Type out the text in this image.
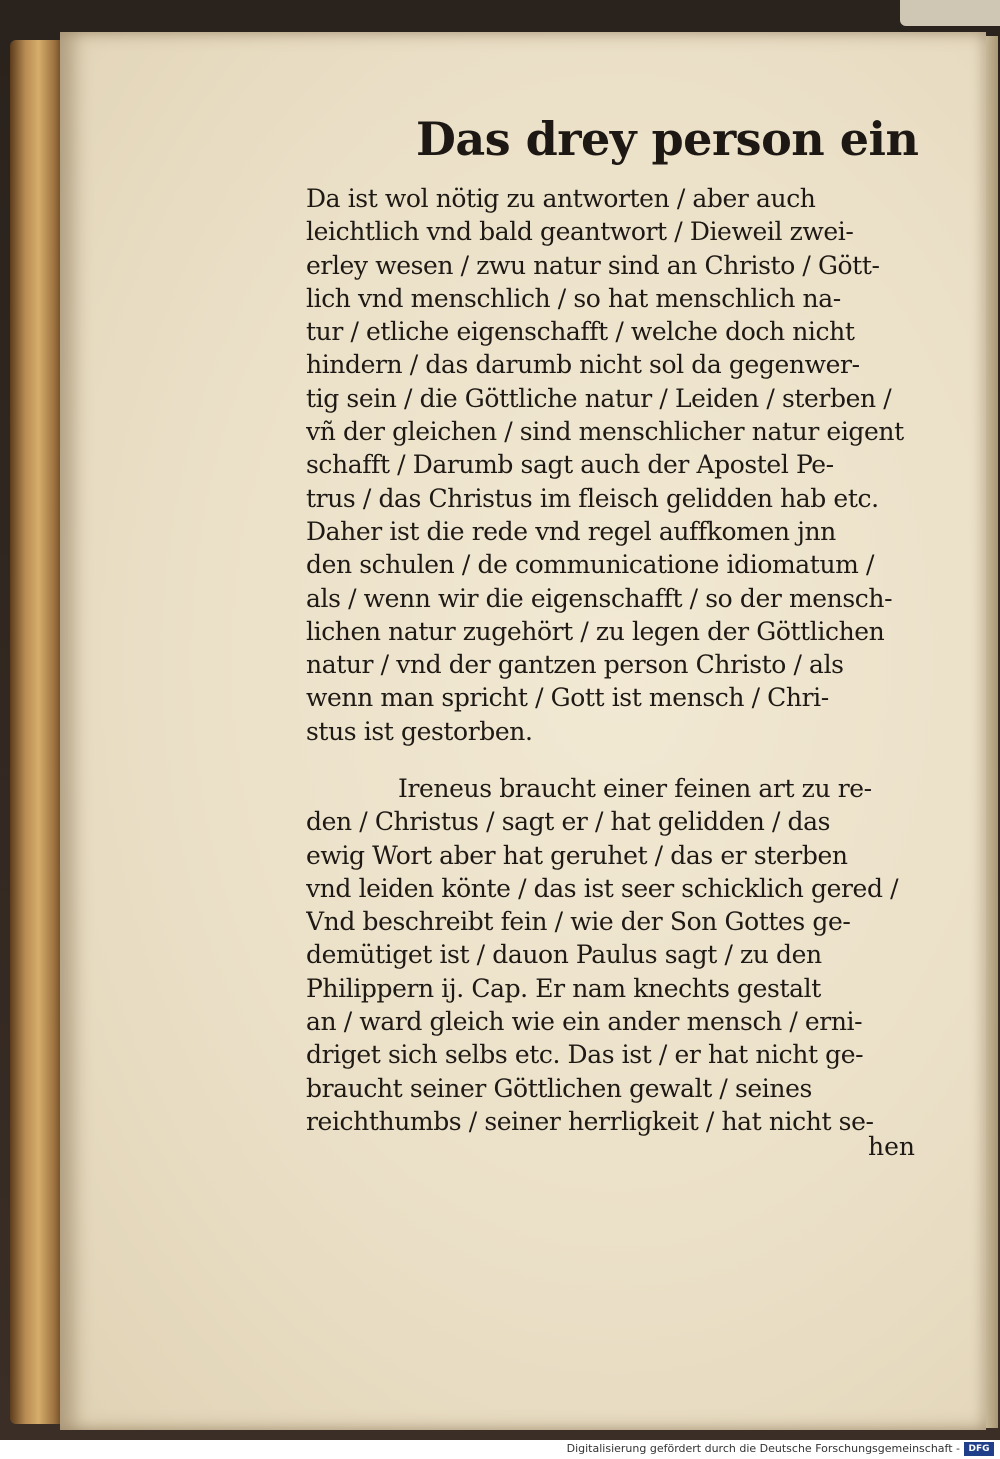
Das drey person ein
Da ist wol nötig zu antworten / aber auch
leichtlich vnd bald geantwort / Dieweil zwei-
erley wesen / zwu natur sind an Christo / Gött-
lich vnd menschlich / so hat menschlich na-
tur / etliche eigenschafft / welche doch nicht
hindern / das darumb nicht sol da gegenwer-
tig sein / die Göttliche natur / Leiden / sterben /
vñ der gleichen / sind menschlicher natur eigent
schafft / Darumb sagt auch der Apostel Pe-
trus / das Christus im fleisch gelidden hab etc.
Daher ist die rede vnd regel auffkomen jnn
den schulen / de communicatione idiomatum /
als / wenn wir die eigenschafft / so der mensch-
lichen natur zugehört / zu legen der Göttlichen
natur / vnd der gantzen person Christo / als
wenn man spricht / Gott ist mensch / Chri-
stus ist gestorben.
Ireneus braucht einer feinen art zu re-
den / Christus / sagt er / hat gelidden / das
ewig Wort aber hat geruhet / das er sterben
vnd leiden könte / das ist seer schicklich gered /
Vnd beschreibt fein / wie der Son Gottes ge-
demütiget ist / dauon Paulus sagt / zu den
Philippern ij. Cap. Er nam knechts gestalt
an / ward gleich wie ein ander mensch / erni-
driget sich selbs etc. Das ist / er hat nicht ge-
braucht seiner Göttlichen gewalt / seines
reichthumbs / seiner herrligkeit / hat nicht se-
hen
Digitalisierung gefördert durch die Deutsche Forschungsgemeinschaft - DFG
